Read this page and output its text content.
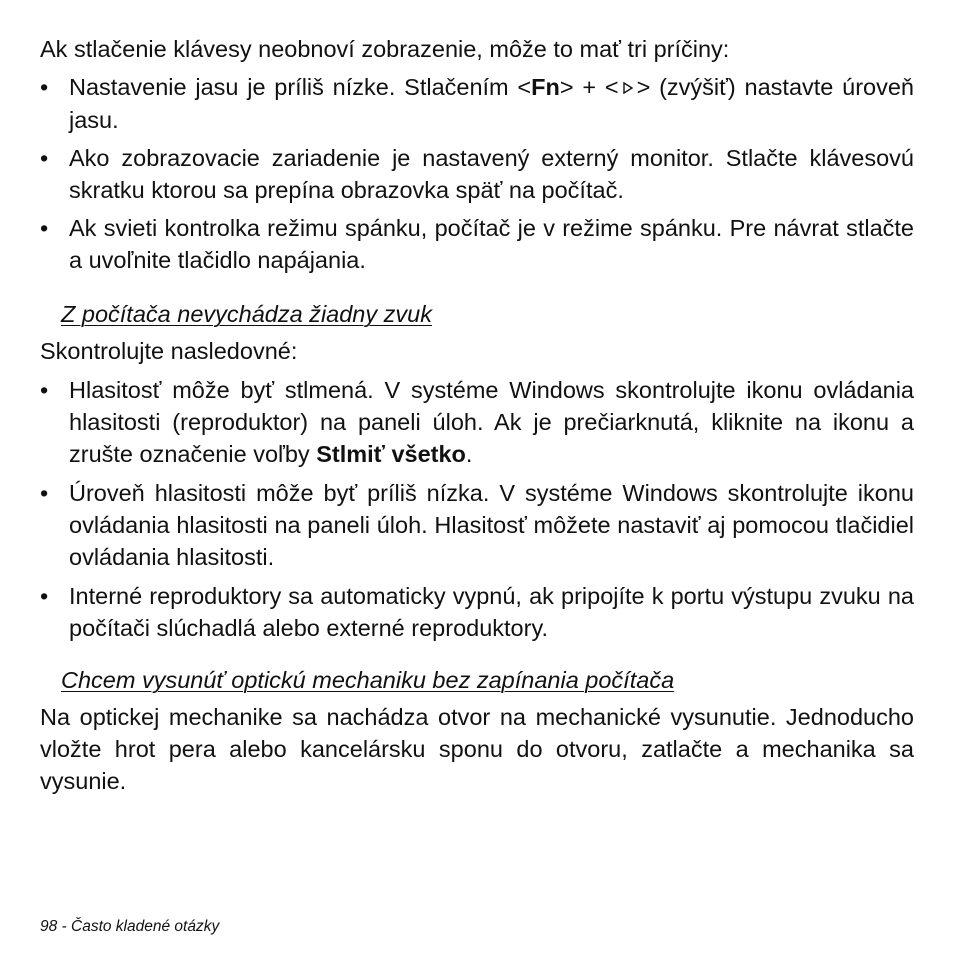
Ak stlačenie klávesy neobnoví zobrazenie, môže to mať tri príčiny:

• Nastavenie jasu je príliš nízke. Stlačením <Fn> + < > (zvýšiť) nastavte úroveň jasu.
• Ako zobrazovacie zariadenie je nastavený externý monitor. Stlačte klávesovú skratku ktorou sa prepína obrazovka späť na počítač.
• Ak svieti kontrolka režimu spánku, počítač je v režime spánku. Pre návrat stlačte a uvoľnite tlačidlo napájania.

Z počítača nevychádza žiadny zvuk

Skontrolujte nasledovné:

• Hlasitosť môže byť stlmená. V systéme Windows skontrolujte ikonu ovládania hlasitosti (reproduktor) na paneli úloh. Ak je prečiarknutá, kliknite na ikonu a zrušte označenie voľby Stlmiť všetko.
• Úroveň hlasitosti môže byť príliš nízka. V systéme Windows skontrolujte ikonu ovládania hlasitosti na paneli úloh. Hlasitosť môžete nastaviť aj pomocou tlačidiel ovládania hlasitosti.
• Interné reproduktory sa automaticky vypnú, ak pripojíte k portu výstupu zvuku na počítači slúchadlá alebo externé reproduktory.

Chcem vysunúť optickú mechaniku bez zapínania počítača

Na optickej mechanike sa nachádza otvor na mechanické vysunutie. Jednoducho vložte hrot pera alebo kancelársku sponu do otvoru, zatlačte a mechanika sa vysunie.

98 - Často kladené otázky
